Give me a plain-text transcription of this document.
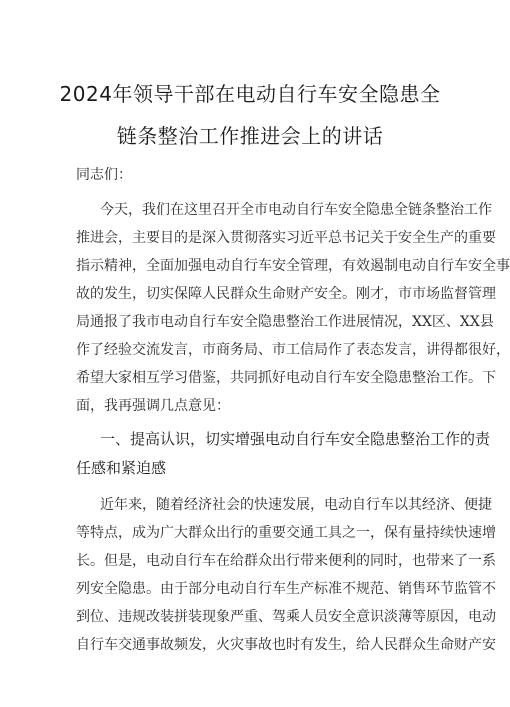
2024年领导干部在电动自行车安全隐患全
链条整治工作推进会上的讲话
同志们：
今天，我们在这里召开全市电动自行车安全隐患全链条整治工作
推进会，主要目的是深入贯彻落实习近平总书记关于安全生产的重要
指示精神，全面加强电动自行车安全管理，有效遏制电动自行车安全事
故的发生，切实保障人民群众生命财产安全。刚才，市市场监督管理
局通报了我市电动自行车安全隐患整治工作进展情况，XX区、XX县
作了经验交流发言，市商务局、市工信局作了表态发言，讲得都很好，
希望大家相互学习借鉴，共同抓好电动自行车安全隐患整治工作。下
面，我再强调几点意见：
一、提高认识，切实增强电动自行车安全隐患整治工作的责
任感和紧迫感
近年来，随着经济社会的快速发展，电动自行车以其经济、便捷
等特点，成为广大群众出行的重要交通工具之一，保有量持续快速增
长。但是，电动自行车在给群众出行带来便利的同时，也带来了一系
列安全隐患。由于部分电动自行车生产标准不规范、销售环节监管不
到位、违规改装拼装现象严重、驾乘人员安全意识淡薄等原因，电动
自行车交通事故频发，火灾事故也时有发生，给人民群众生命财产安
